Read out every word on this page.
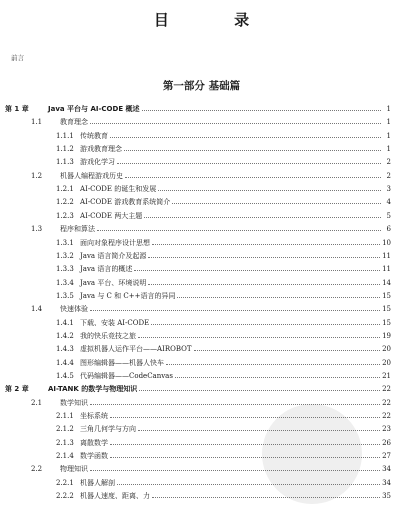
目 录
前言
第一部分 基础篇
第 1 章	Java 平台与 AI-CODE 概述	1
1.1	教育理念	1
1.1.1 传统教育	1
1.1.2 游戏教育理念	1
1.1.3 游戏化学习	2
1.2	机器人编程游戏历史	2
1.2.1 AI-CODE 的诞生和发展	3
1.2.2 AI-CODE 游戏教育系统简介	4
1.2.3 AI-CODE 两大主题	5
1.3	程序和算法	6
1.3.1 面向对象程序设计思想	10
1.3.2 Java 语言简介及起源	11
1.3.3 Java 语言的概述	11
1.3.4 Java 平台、环境说明	14
1.3.5 Java 与 C 和 C++语言的异同	15
1.4	快速体验	15
1.4.1 下载、安装 AI-CODE	15
1.4.2 我的快乐竞技之旅	19
1.4.3 虚拟机器人运作平台——AIROBOT	20
1.4.4 图形编辑器——机器人快车	20
1.4.5 代码编辑器——CodeCanvas	21
第 2 章	AI-TANK 的数学与物理知识	22
2.1	数学知识	22
2.1.1 坐标系统	22
2.1.2 三角几何学与方向	23
2.1.3 离散数学	26
2.1.4 数学函数	27
2.2	物理知识	34
2.2.1 机器人解剖	34
2.2.2 机器人速度、距离、力	35
